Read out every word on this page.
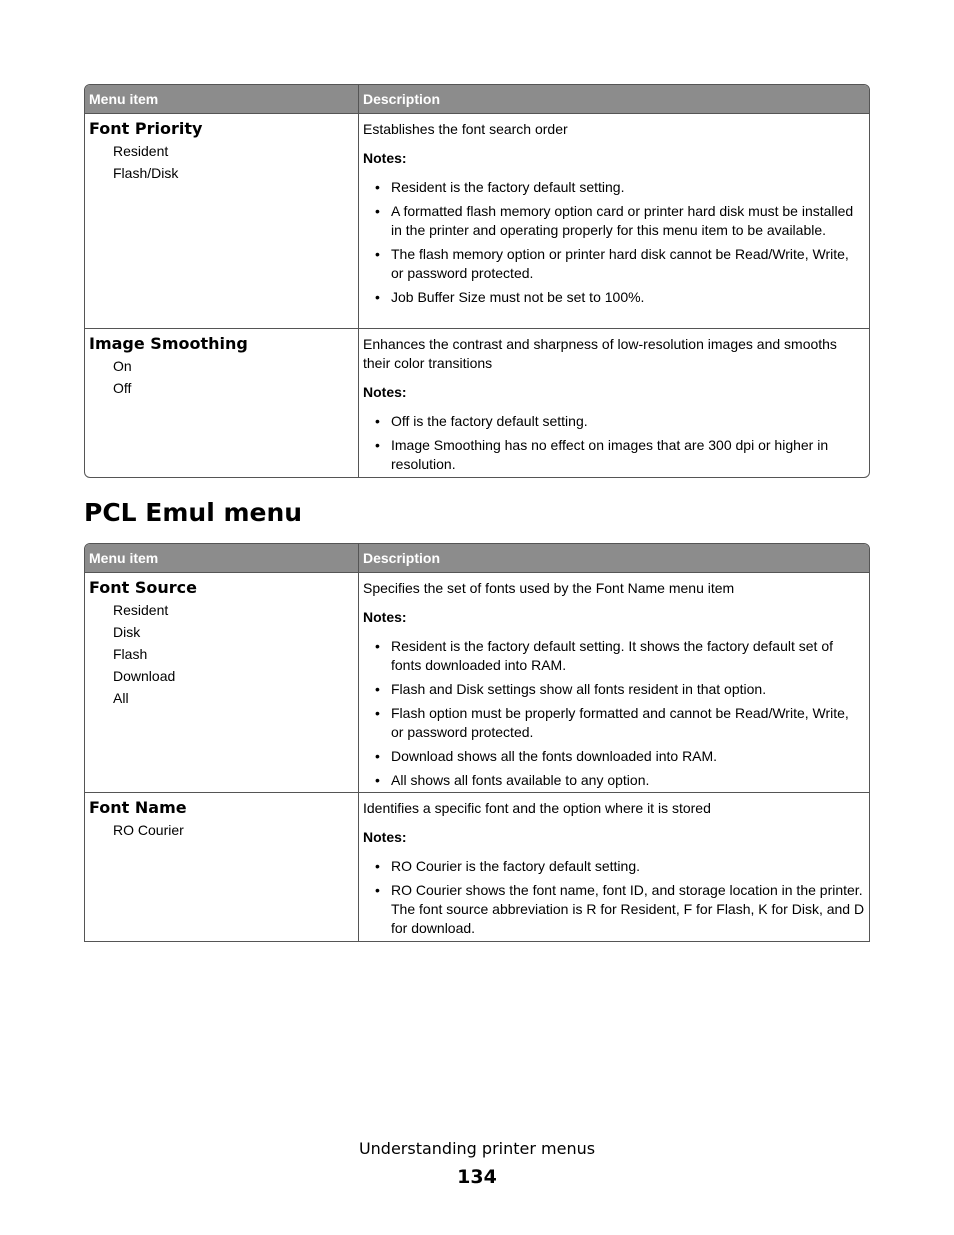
Menu item	Description
Font Priority
Resident
Flash/Disk

Establishes the font search order

Notes:

• Resident is the factory default setting.
• A formatted flash memory option card or printer hard disk must be installed in the printer and operating properly for this menu item to be available.
• The flash memory option or printer hard disk cannot be Read/Write, Write, or password protected.
• Job Buffer Size must not be set to 100%.
Image Smoothing
On
Off

Enhances the contrast and sharpness of low-resolution images and smooths their color transitions

Notes:

• Off is the factory default setting.
• Image Smoothing has no effect on images that are 300 dpi or higher in resolution.
PCL Emul menu
Menu item	Description
Font Source
Resident
Disk
Flash
Download
All

Specifies the set of fonts used by the Font Name menu item

Notes:

• Resident is the factory default setting. It shows the factory default set of fonts downloaded into RAM.
• Flash and Disk settings show all fonts resident in that option.
• Flash option must be properly formatted and cannot be Read/Write, Write, or password protected.
• Download shows all the fonts downloaded into RAM.
• All shows all fonts available to any option.
Font Name
RO Courier

Identifies a specific font and the option where it is stored

Notes:

• RO Courier is the factory default setting.
• RO Courier shows the font name, font ID, and storage location in the printer. The font source abbreviation is R for Resident, F for Flash, K for Disk, and D for download.
Understanding printer menus
134
